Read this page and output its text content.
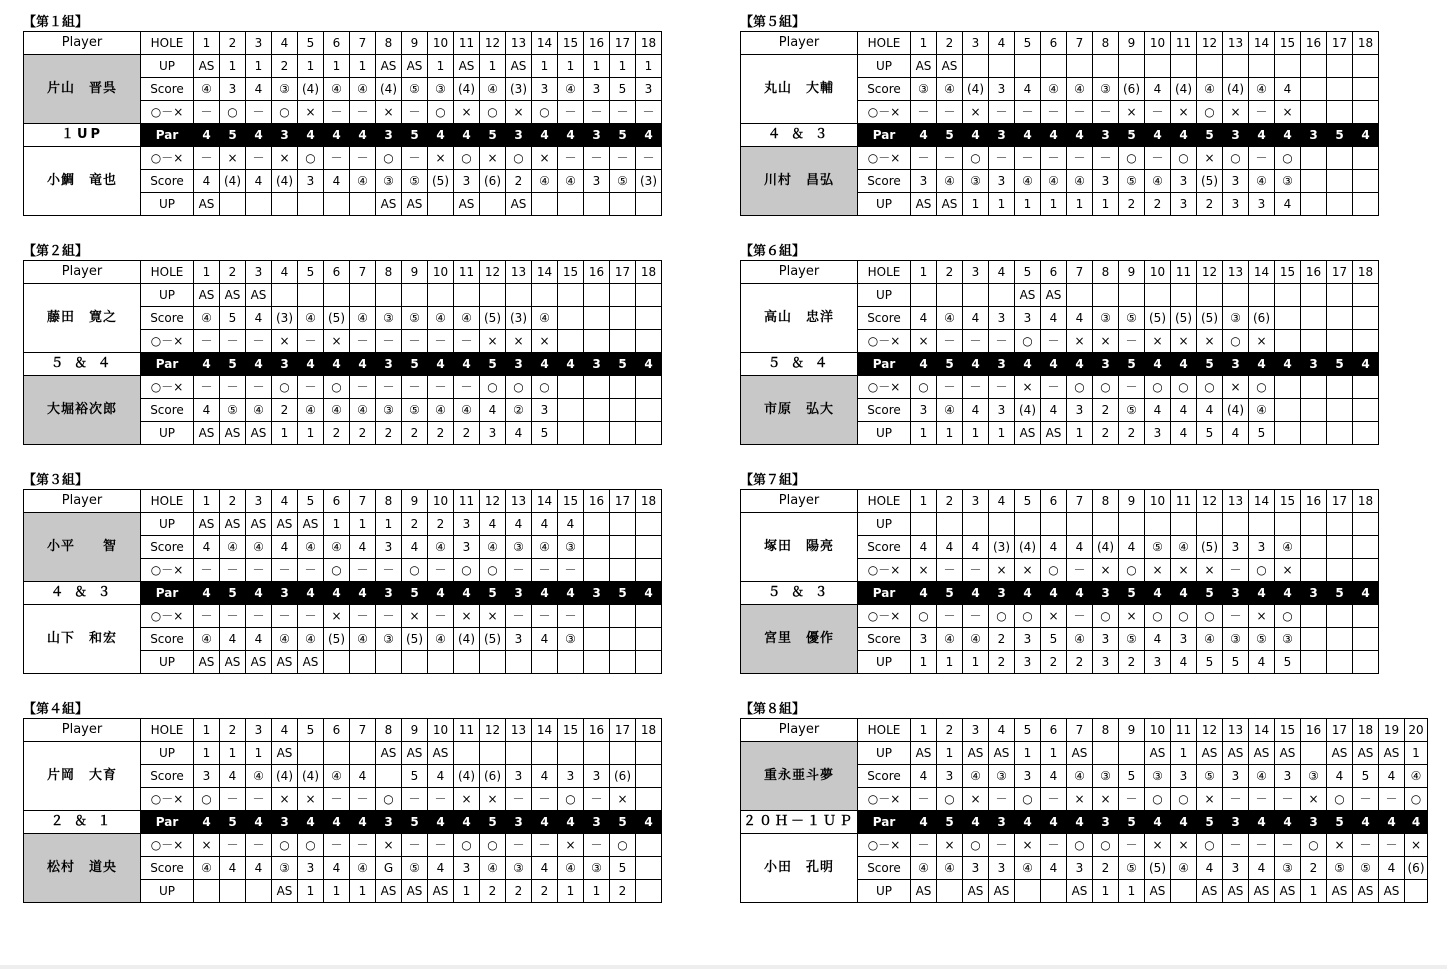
【第１組】
Player	HOLE	1	2	3	4	5	6	7	8	9	10	11	12	13	14	15	16	17	18
片山　晋呉	UP	AS	1	1	2	1	1	1	AS	AS	1	AS	1	AS	1	1	1	1	1
	Score	④	3	4	③	(4)	④	④	(4)	⑤	③	(4)	④	(3)	3	④	3	5	3
	○－×	－	○	－	○	×	－	－	×	－	○	×	○	×	○	－	－	－	－
１UP	Par	4	5	4	3	4	4	4	3	5	4	4	5	3	4	4	3	5	4
小鯛　竜也	○－×	－	×	－	×	○	－	－	○	－	×	○	×	○	×	－	－	－	－
	Score	4	(4)	4	(4)	3	4	④	③	⑤	(5)	3	(6)	2	④	④	3	⑤	(3)
	UP	AS							AS	AS		AS		AS					
【第２組】
Player	HOLE	1	2	3	4	5	6	7	8	9	10	11	12	13	14	15	16	17	18
藤田　寛之	UP	AS	AS	AS															
	Score	④	5	4	(3)	④	(5)	④	③	⑤	④	④	(5)	(3)	④				
	○－×	－	－	－	×	－	×	－	－	－	－	－	×	×	×				
５ ＆ ４	Par	4	5	4	3	4	4	4	3	5	4	4	5	3	4	4	3	5	4
大堀裕次郎	○－×	－	－	－	○	－	○	－	－	－	－	－	○	○	○				
	Score	4	⑤	④	2	④	④	④	③	⑤	④	④	4	②	3				
	UP	AS	AS	AS	1	1	2	2	2	2	2	2	3	4	5				
【第３組】
Player	HOLE	1	2	3	4	5	6	7	8	9	10	11	12	13	14	15	16	17	18
小平　　智	UP	AS	AS	AS	AS	AS	1	1	1	2	2	3	4	4	4	4			
	Score	4	④	④	4	④	④	4	3	4	④	3	④	③	④	③			
	○－×	－	－	－	－	－	○	－	－	○	－	○	○	－	－	－			
４ ＆ ３	Par	4	5	4	3	4	4	4	3	5	4	4	5	3	4	4	3	5	4
山下　和宏	○－×	－	－	－	－	－	×	－	－	×	－	×	×	－	－	－			
	Score	④	4	4	④	④	(5)	④	③	(5)	④	(4)	(5)	3	4	③			
	UP	AS	AS	AS	AS	AS													
【第４組】
Player	HOLE	1	2	3	4	5	6	7	8	9	10	11	12	13	14	15	16	17	18
片岡　大育	UP	1	1	1	AS				AS	AS	AS								
	Score	3	4	④	(4)	(4)	④	4		5	4	(4)	(6)	3	4	3	3	(6)	
	○－×	○	－	－	×	×	－	－	○	－	－	×	×	－	－	○	－	×	
２ ＆ １	Par	4	5	4	3	4	4	4	3	5	4	4	5	3	4	4	3	5	4
松村　道央	○－×	×	－	－	○	○	－	－	×	－	－	○	○	－	－	×	－	○	
	Score	④	4	4	③	3	4	④	G	⑤	4	3	④	③	4	④	③	5	
	UP				AS	1	1	1	AS	AS	AS	1	2	2	2	1	1	2	
【第５組】
Player	HOLE	1	2	3	4	5	6	7	8	9	10	11	12	13	14	15	16	17	18
丸山　大輔	UP	AS	AS																
	Score	③	④	(4)	3	4	④	④	③	(6)	4	(4)	④	(4)	④	4			
	○－×	－	－	×	－	－	－	－	－	×	－	×	○	×	－	×			
４ ＆ ３	Par	4	5	4	3	4	4	4	3	5	4	4	5	3	4	4	3	5	4
川村　昌弘	○－×	－	－	○	－	－	－	－	－	○	－	○	×	○	－	○			
	Score	3	④	③	3	④	④	④	3	⑤	④	3	(5)	3	④	③			
	UP	AS	AS	1	1	1	1	1	1	2	2	3	2	3	3	4			
【第６組】
Player	HOLE	1	2	3	4	5	6	7	8	9	10	11	12	13	14	15	16	17	18
高山　忠洋	UP					AS	AS												
	Score	4	④	4	3	3	4	4	③	⑤	(5)	(5)	(5)	③	(6)				
	○－×	×	－	－	－	○	－	×	×	－	×	×	×	○	×				
５ ＆ ４	Par	4	5	4	3	4	4	4	3	5	4	4	5	3	4	4	3	5	4
市原　弘大	○－×	○	－	－	－	×	－	○	○	－	○	○	○	×	○				
	Score	3	④	4	3	(4)	4	3	2	⑤	4	4	4	(4)	④				
	UP	1	1	1	1	AS	AS	1	2	2	3	4	5	4	5				
【第７組】
Player	HOLE	1	2	3	4	5	6	7	8	9	10	11	12	13	14	15	16	17	18
塚田　陽亮	UP																		
	Score	4	4	4	(3)	(4)	4	4	(4)	4	⑤	④	(5)	3	3	④			
	○－×	×	－	－	×	×	○	－	×	○	×	×	×	－	○	×			
５ ＆ ３	Par	4	5	4	3	4	4	4	3	5	4	4	5	3	4	4	3	5	4
宮里　優作	○－×	○	－	－	○	○	×	－	○	×	○	○	○	－	×	○			
	Score	3	④	④	2	3	5	④	3	⑤	4	3	④	③	⑤	③			
	UP	1	1	1	2	3	2	2	3	2	3	4	5	5	4	5			
【第８組】
Player	HOLE	1	2	3	4	5	6	7	8	9	10	11	12	13	14	15	16	17	18	19	20
重永亜斗夢	UP	AS	1	AS	AS	1	1	AS			AS	1	AS	AS	AS	AS		AS	AS	AS	1
	Score	4	3	④	③	3	4	④	③	5	③	3	⑤	3	④	3	③	4	5	4	④
	○－×	－	○	×	－	○	－	×	×	－	○	○	×	－	－	－	×	○	－	－	○
２０Ｈ－１ＵＰ	Par	4	5	4	3	4	4	4	3	5	4	4	5	3	4	4	3	5	4	4	4
小田　孔明	○－×	－	×	○	－	×	－	○	○	－	×	×	○	－	－	－	○	×	－	－	×
	Score	④	④	3	3	④	4	3	2	⑤	(5)	④	4	3	4	③	2	⑤	⑤	4	(6)
	UP	AS		AS	AS			AS	1	1	AS		AS	AS	AS	AS	1	AS	AS	AS	
